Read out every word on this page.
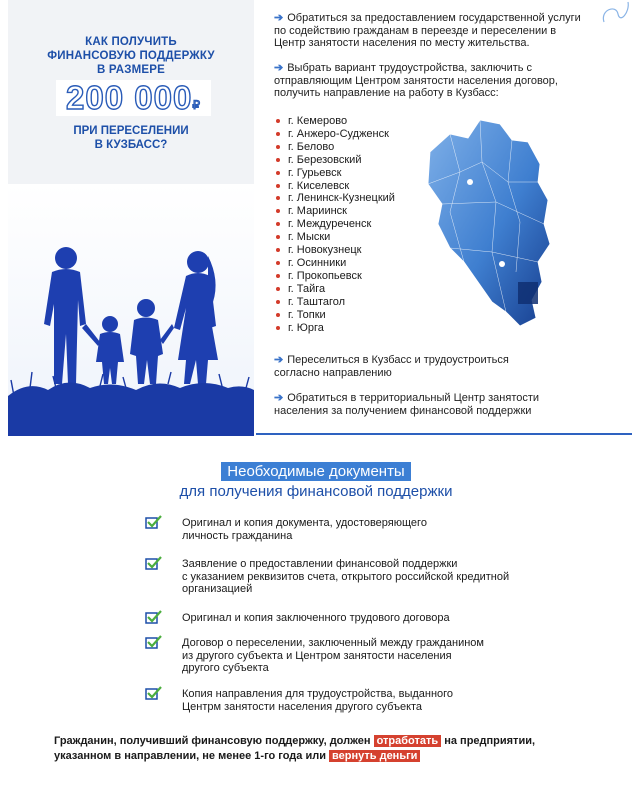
КАК ПОЛУЧИТЬ
ФИНАНСОВУЮ ПОДДЕРЖКУ
В РАЗМЕРЕ
200 000₽
ПРИ ПЕРЕСЕЛЕНИИ
В КУЗБАСС?
➔ Обратиться за предоставлением государственной услуги
по содействию гражданам в переезде и переселении в
Центр занятости населения по месту жительства.
➔ Выбрать вариант трудоустройства, заключить с
отправляющим Центром занятости населения договор,
получить направление на работу в Кузбасс:
г. Кемерово
г. Анжеро-Судженск
г. Белово
г. Березовский
г. Гурьевск
г. Киселевск
г. Ленинск-Кузнецкий
г. Мариинск
г. Междуреченск
г. Мыски
г. Новокузнецк
г. Осинники
г. Прокопьевск
г. Тайга
г. Таштагол
г. Топки
г. Юрга
➔ Переселиться в Кузбасс и трудоустроиться
согласно направлению
➔ Обратиться в территориальный Центр занятости
населения за получением финансовой поддержки
Необходимые документы
для получения финансовой поддержки
Оригинал и копия документа, удостоверяющего
личность гражданина
Заявление о предоставлении финансовой поддержки
с указанием реквизитов счета, открытого российской кредитной
организацией
Оригинал и копия заключенного трудового договора
Договор о переселении, заключенный между гражданином
из другого субъекта и Центром занятости населения
другого субъекта
Копия направления для трудоустройства, выданного
Центрм занятости населения другого субъекта
Гражданин, получивший финансовую поддержку, должен отработать на предприятии,
указанном в направлении, не менее 1-го года или вернуть деньги
